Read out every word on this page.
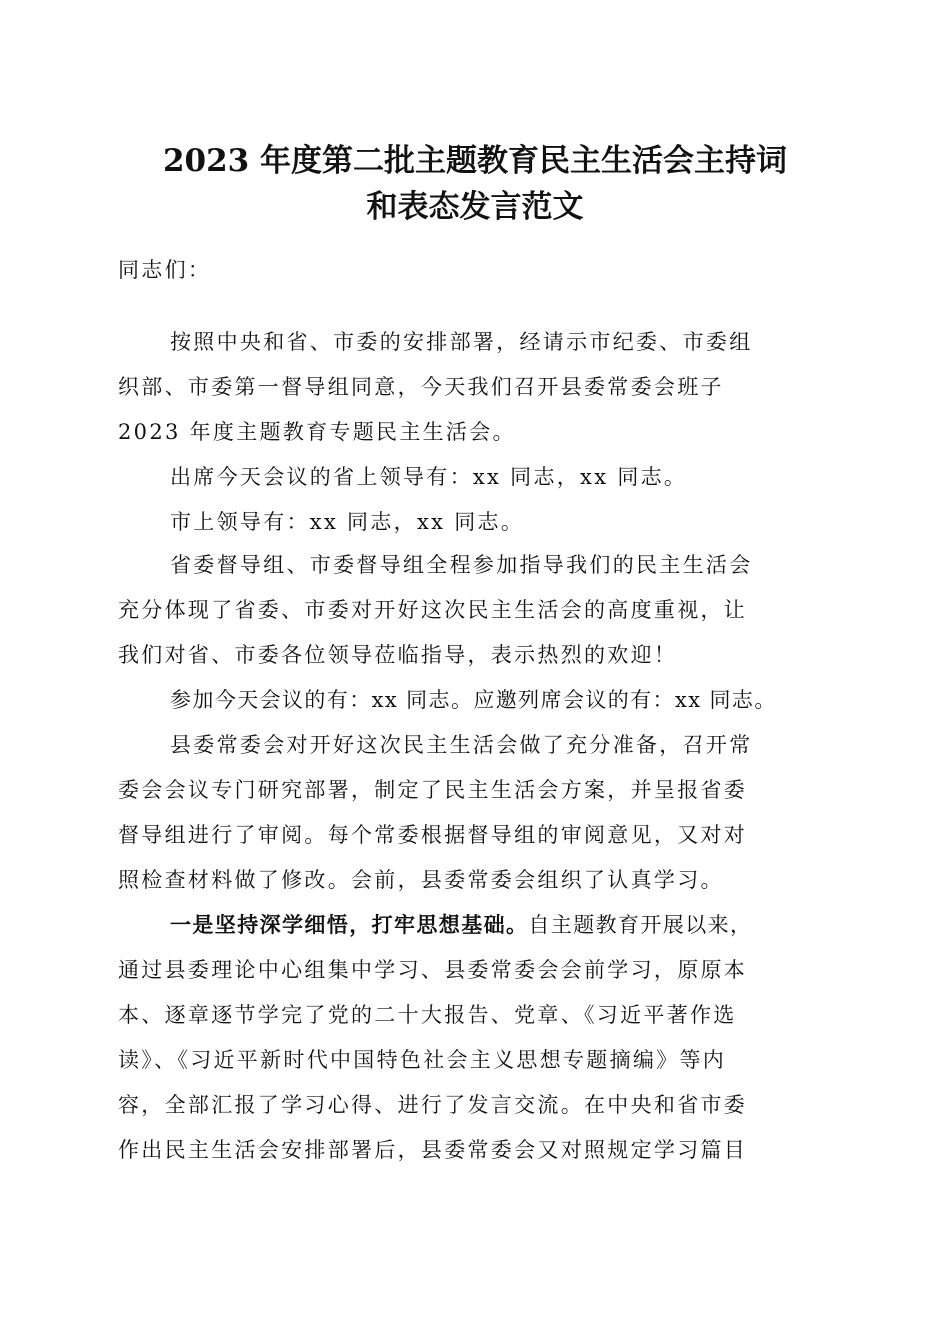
2023 年度第二批主题教育民主生活会主持词
和表态发言范文
同志们：
按照中央和省、市委的安排部署，经请示市纪委、市委组
织部、市委第一督导组同意，今天我们召开县委常委会班子
2023 年度主题教育专题民主生活会。
出席今天会议的省上领导有：xx 同志，xx 同志。
市上领导有：xx 同志，xx 同志。
省委督导组、市委督导组全程参加指导我们的民主生活会
充分体现了省委、市委对开好这次民主生活会的高度重视，让
我们对省、市委各位领导莅临指导，表示热烈的欢迎！
参加今天会议的有：xx 同志。应邀列席会议的有：xx 同志。
县委常委会对开好这次民主生活会做了充分准备，召开常
委会会议专门研究部署，制定了民主生活会方案，并呈报省委
督导组进行了审阅。每个常委根据督导组的审阅意见，又对对
照检查材料做了修改。会前，县委常委会组织了认真学习。
一是坚持深学细悟，打牢思想基础。自主题教育开展以来，
通过县委理论中心组集中学习、县委常委会会前学习，原原本
本、逐章逐节学完了党的二十大报告、党章、《习近平著作选
读》、《习近平新时代中国特色社会主义思想专题摘编》等内
容，全部汇报了学习心得、进行了发言交流。在中央和省市委
作出民主生活会安排部署后，县委常委会又对照规定学习篇目
